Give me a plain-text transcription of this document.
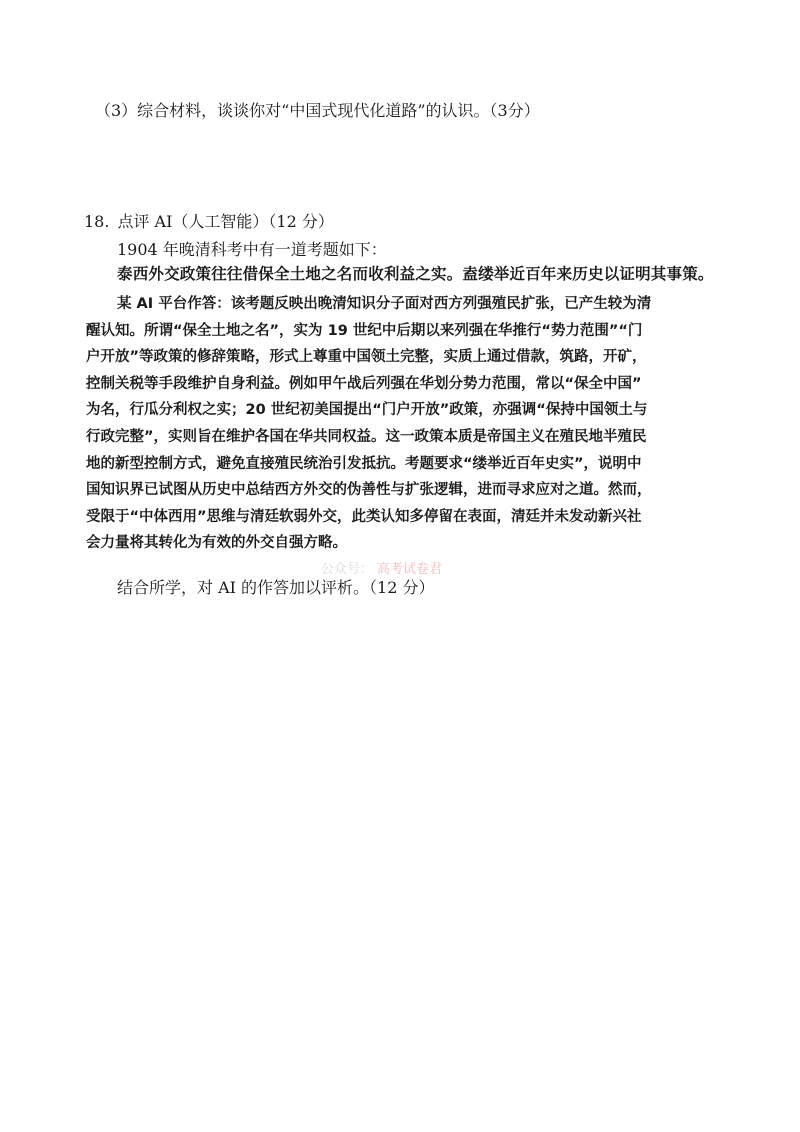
（3）综合材料，谈谈你对“中国式现代化道路”的认识。（3分）
18. 点评 AI（人工智能）（12 分）
1904 年晚清科考中有一道考题如下：
泰西外交政策往往借保全土地之名而收利益之实。盍缕举近百年来历史以证明其事策。
某 AI 平台作答：该考题反映出晚清知识分子面对西方列强殖民扩张，已产生较为清
醒认知。所谓“保全土地之名”，实为 19 世纪中后期以来列强在华推行“势力范围”“门
户开放”等政策的修辞策略，形式上尊重中国领土完整，实质上通过借款，筑路，开矿，
控制关税等手段维护自身利益。例如甲午战后列强在华划分势力范围，常以“保全中国”
为名，行瓜分利权之实；20 世纪初美国提出“门户开放”政策，亦强调“保持中国领土与
行政完整”，实则旨在维护各国在华共同权益。这一政策本质是帝国主义在殖民地半殖民
地的新型控制方式，避免直接殖民统治引发抵抗。考题要求“缕举近百年史实”，说明中
国知识界已试图从历史中总结西方外交的伪善性与扩张逻辑，进而寻求应对之道。然而，
受限于“中体西用”思维与清廷软弱外交，此类认知多停留在表面，清廷并未发动新兴社
会力量将其转化为有效的外交自强方略。
公众号： 高考试卷君
结合所学，对 AI 的作答加以评析。（12 分）
